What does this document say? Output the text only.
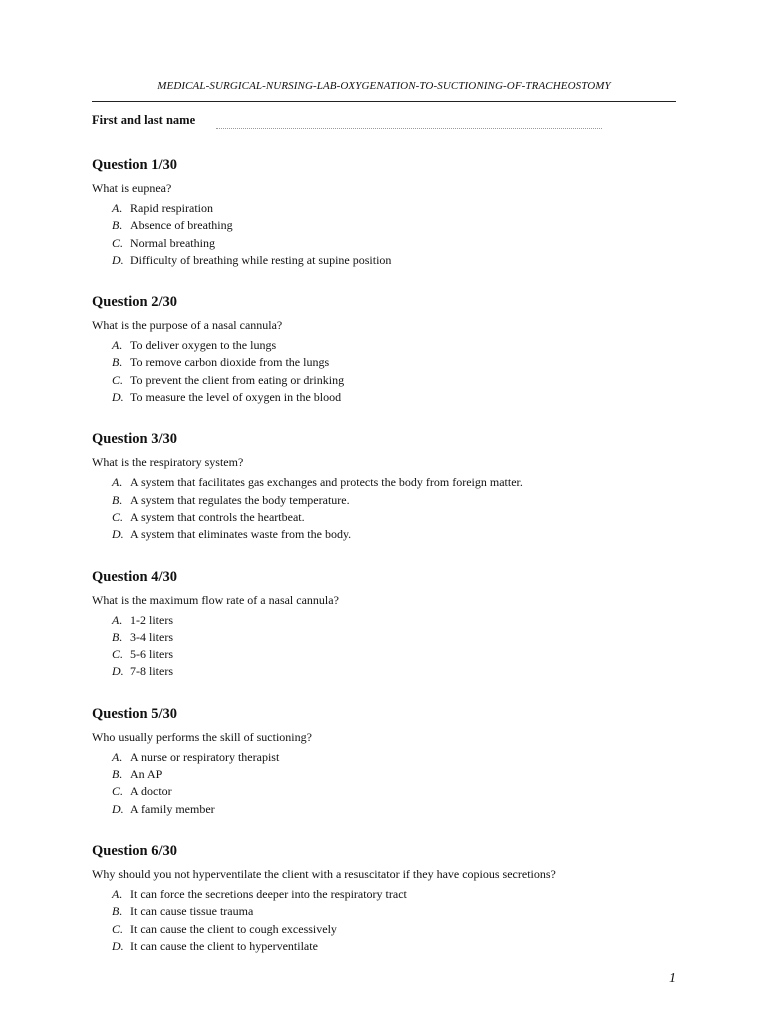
MEDICAL-SURGICAL-NURSING-LAB-OXYGENATION-TO-SUCTIONING-OF-TRACHEOSTOMY
First and last name
Question 1/30
What is eupnea?
A. Rapid respiration
B. Absence of breathing
C. Normal breathing
D. Difficulty of breathing while resting at supine position
Question 2/30
What is the purpose of a nasal cannula?
A. To deliver oxygen to the lungs
B. To remove carbon dioxide from the lungs
C. To prevent the client from eating or drinking
D. To measure the level of oxygen in the blood
Question 3/30
What is the respiratory system?
A. A system that facilitates gas exchanges and protects the body from foreign matter.
B. A system that regulates the body temperature.
C. A system that controls the heartbeat.
D. A system that eliminates waste from the body.
Question 4/30
What is the maximum flow rate of a nasal cannula?
A. 1-2 liters
B. 3-4 liters
C. 5-6 liters
D. 7-8 liters
Question 5/30
Who usually performs the skill of suctioning?
A. A nurse or respiratory therapist
B. An AP
C. A doctor
D. A family member
Question 6/30
Why should you not hyperventilate the client with a resuscitator if they have copious secretions?
A. It can force the secretions deeper into the respiratory tract
B. It can cause tissue trauma
C. It can cause the client to cough excessively
D. It can cause the client to hyperventilate
1
